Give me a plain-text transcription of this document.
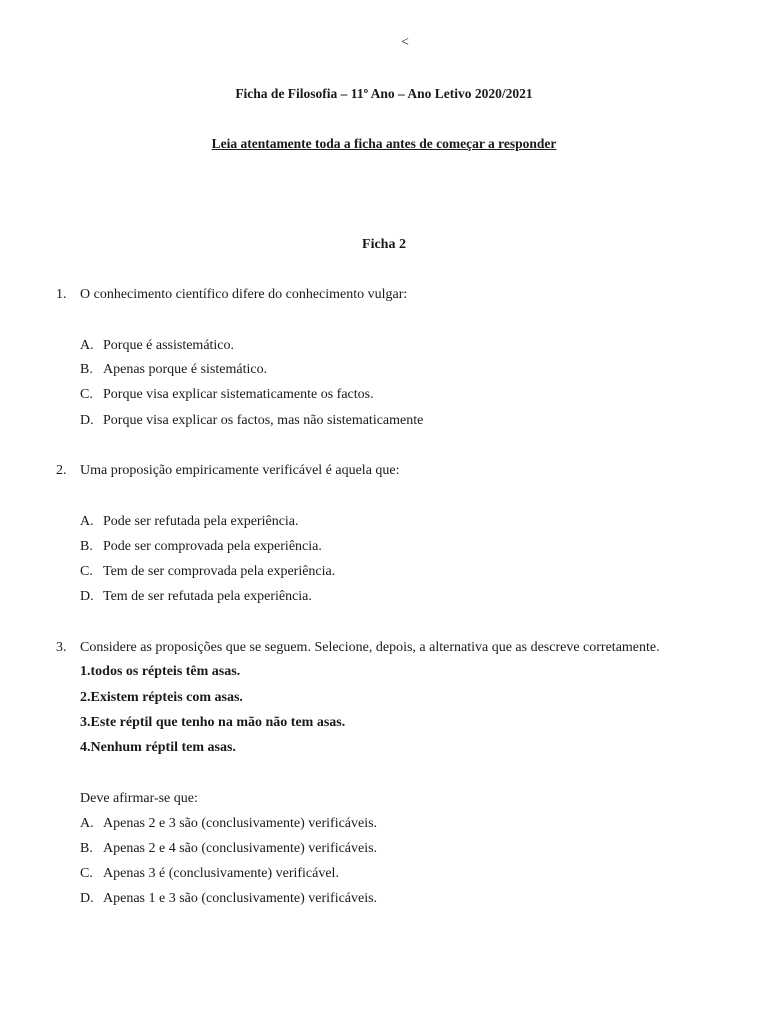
<
Ficha de Filosofia – 11º Ano – Ano Letivo 2020/2021
Leia atentamente toda a ficha antes de começar a responder
Ficha 2
1. O conhecimento científico difere do conhecimento vulgar:
A. Porque é assistemático.
B. Apenas porque é sistemático.
C. Porque visa explicar sistematicamente os factos.
D. Porque visa explicar os factos, mas não sistematicamente
2. Uma proposição empiricamente verificável é aquela que:
A. Pode ser refutada pela experiência.
B. Pode ser comprovada pela experiência.
C. Tem de ser comprovada pela experiência.
D. Tem de ser refutada pela experiência.
3. Considere as proposições que se seguem. Selecione, depois, a alternativa que as descreve corretamente.
1.todos os répteis têm asas.
2.Existem répteis com asas.
3.Este réptil que tenho na mão não tem asas.
4.Nenhum réptil tem asas.
Deve afirmar-se que:
A. Apenas 2 e 3 são (conclusivamente) verificáveis.
B. Apenas 2 e 4 são (conclusivamente) verificáveis.
C. Apenas 3 é (conclusivamente) verificável.
D. Apenas 1 e 3 são (conclusivamente) verificáveis.
